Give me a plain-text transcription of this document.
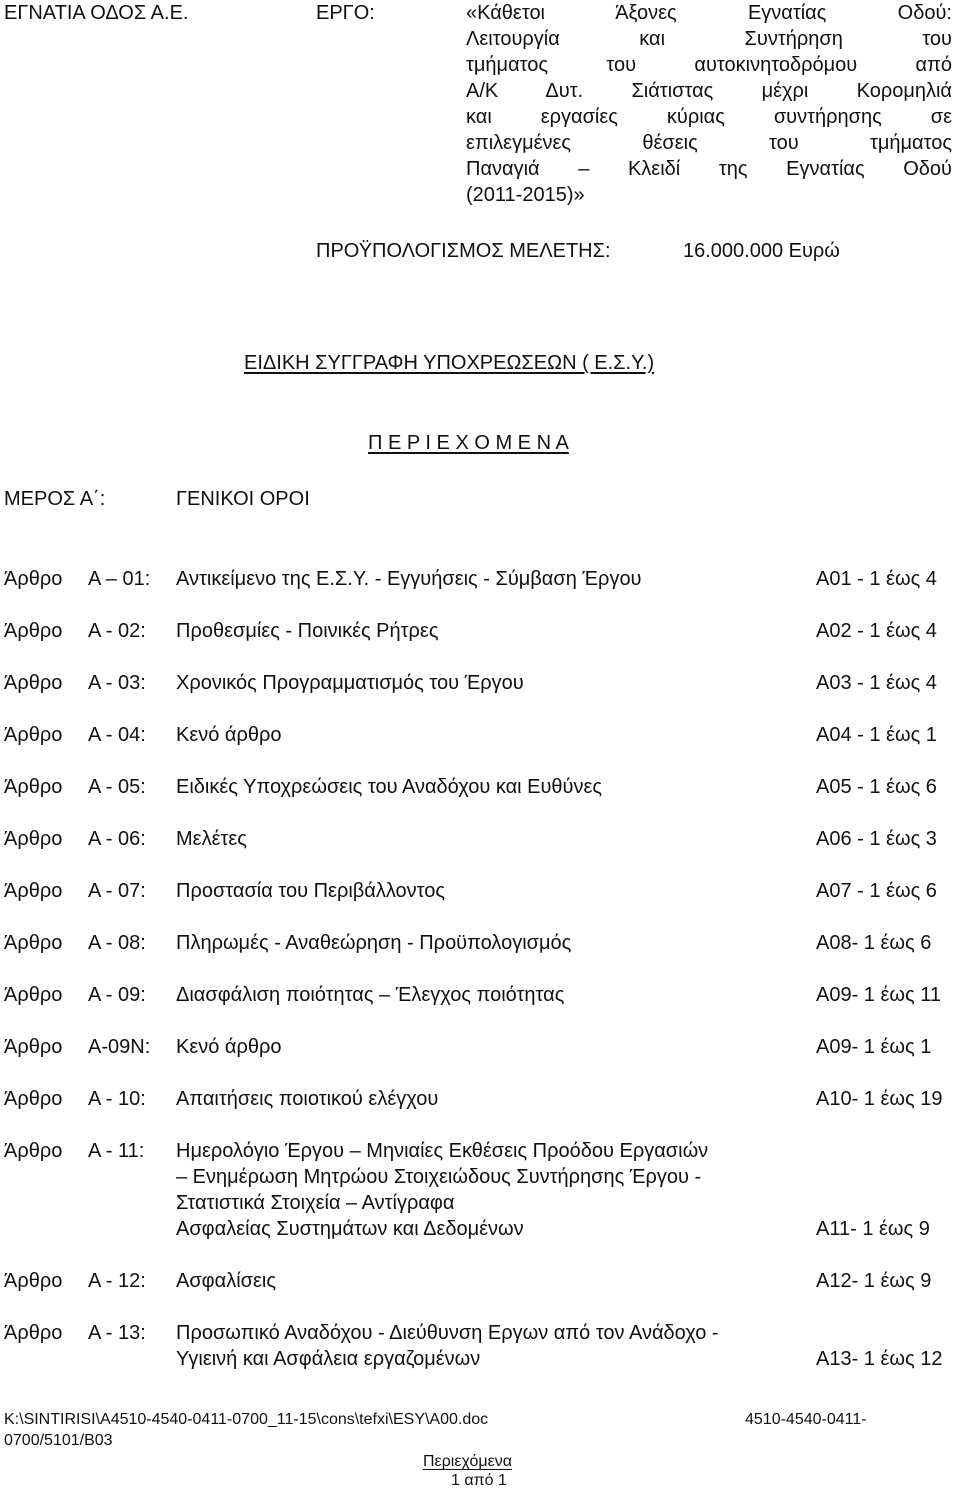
ΕΓΝΑΤΙΑ ΟΔΟΣ Α.Ε.	ΕΡΓΟ:	«Κάθετοι Άξονες Εγνατίας Οδού:
Λειτουργία και Συντήρηση του
τμήματος του αυτοκινητοδρόμου από
Α/Κ Δυτ. Σιάτιστας μέχρι Κορομηλιά
και εργασίες κύριας συντήρησης σε
επιλεγμένες θέσεις του τμήματος
Παναγιά – Κλειδί της Εγνατίας Οδού
(2011-2015)»
ΠΡΟΫΠΟΛΟΓΙΣΜΟΣ ΜΕΛΕΤΗΣ:	16.000.000 Ευρώ
ΕΙΔΙΚΗ ΣΥΓΓΡΑΦΗ ΥΠΟΧΡΕΩΣΕΩΝ ( Ε.Σ.Υ.)
Π Ε Ρ Ι Ε Χ Ο Μ Ε Ν Α
ΜΕΡΟΣ Α΄:	ΓΕΝΙΚΟΙ ΟΡΟΙ
Άρθρο Α – 01: Αντικείμενο της Ε.Σ.Υ. - Εγγυήσεις - Σύμβαση Έργου	Α01 - 1 έως 4
Άρθρο Α - 02: Προθεσμίες - Ποινικές Ρήτρες	Α02 - 1 έως 4
Άρθρο Α - 03: Χρονικός Προγραμματισμός του Έργου	Α03 - 1 έως 4
Άρθρο Α - 04: Κενό άρθρο	Α04 - 1 έως 1
Άρθρο Α - 05: Ειδικές Υποχρεώσεις του Αναδόχου και Ευθύνες	Α05 - 1 έως 6
Άρθρο Α - 06: Μελέτες	Α06 - 1 έως 3
Άρθρο Α - 07: Προστασία του Περιβάλλοντος	Α07 - 1 έως 6
Άρθρο Α - 08: Πληρωμές - Αναθεώρηση - Προϋπολογισμός	Α08- 1 έως 6
Άρθρο Α - 09: Διασφάλιση ποιότητας – Έλεγχος ποιότητας	Α09- 1 έως 11
Άρθρο Α-09Ν: Κενό άρθρο	Α09- 1 έως 1
Άρθρο Α - 10: Απαιτήσεις ποιοτικού ελέγχου	Α10- 1 έως 19
Άρθρο Α - 11: Ημερολόγιο Έργου – Μηνιαίες Εκθέσεις Προόδου Εργασιών
– Ενημέρωση Μητρώου Στοιχειώδους Συντήρησης Έργου -
Στατιστικά Στοιχεία – Αντίγραφα
Ασφαλείας Συστημάτων και Δεδομένων	Α11- 1 έως 9
Άρθρο Α - 12: Ασφαλίσεις	Α12- 1 έως 9
Άρθρο Α - 13: Προσωπικό Αναδόχου - Διεύθυνση Εργων από τον Ανάδοχο -
Υγιεινή και Ασφάλεια εργαζομένων	Α13- 1 έως 12
K:\SINTIRISI\A4510-4540-0411-0700_11-15\cons\tefxi\ESY\A00.doc	4510-4540-0411-
0700/5101/B03
Περιεχόμενα
1 από 1
